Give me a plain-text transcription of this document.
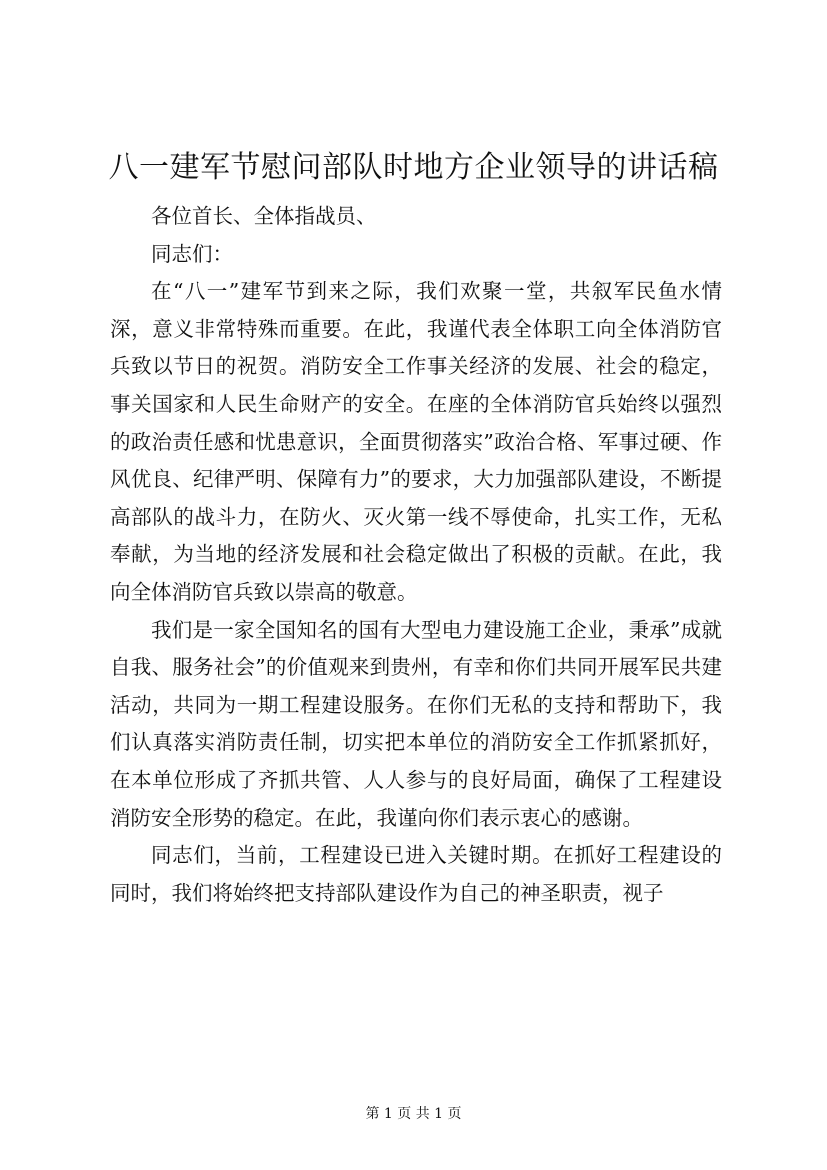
八一建军节慰问部队时地方企业领导的讲话稿

各位首长、全体指战员、

同志们：

在“八一”建军节到来之际，我们欢聚一堂，共叙军民鱼水情深，意义非常特殊而重要。在此，我谨代表全体职工向全体消防官兵致以节日的祝贺。消防安全工作事关经济的发展、社会的稳定，事关国家和人民生命财产的安全。在座的全体消防官兵始终以强烈的政治责任感和忧患意识，全面贯彻落实”政治合格、军事过硬、作风优良、纪律严明、保障有力”的要求，大力加强部队建设，不断提高部队的战斗力，在防火、灭火第一线不辱使命，扎实工作，无私奉献，为当地的经济发展和社会稳定做出了积极的贡献。在此，我向全体消防官兵致以崇高的敬意。

我们是一家全国知名的国有大型电力建设施工企业，秉承”成就自我、服务社会”的价值观来到贵州，有幸和你们共同开展军民共建活动，共同为一期工程建设服务。在你们无私的支持和帮助下，我们认真落实消防责任制，切实把本单位的消防安全工作抓紧抓好，在本单位形成了齐抓共管、人人参与的良好局面，确保了工程建设消防安全形势的稳定。在此，我谨向你们表示衷心的感谢。

同志们，当前，工程建设已进入关键时期。在抓好工程建设的同时，我们将始终把支持部队建设作为自己的神圣职责，视子

第 1 页 共 1 页
